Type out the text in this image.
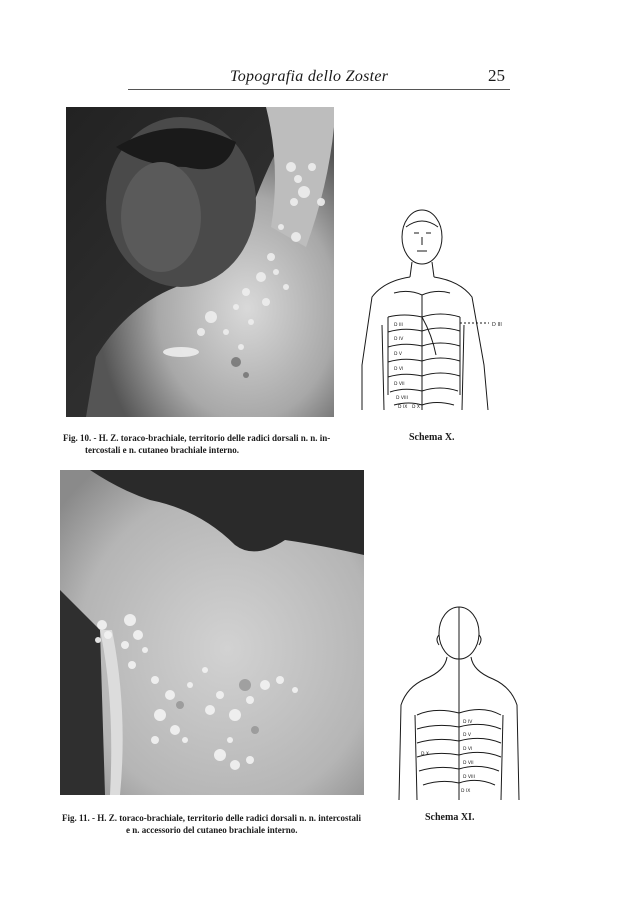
Topografia dello Zoster	25
D III
D III
D IV
D V
D VI
D VII
D VIII
D IX D X
Fig. 10. - H. Z. toraco-brachiale, territorio delle radici dorsali n. n. in-
tercostali e n. cutaneo brachiale interno.
Schema X.
D IV
D V
D VI
D VII
D VIII
D IX
D X
Fig. 11. - H. Z. toraco-brachiale, territorio delle radici dorsali n. n. intercostali
e n. accessorio del cutaneo brachiale interno.
Schema XI.
